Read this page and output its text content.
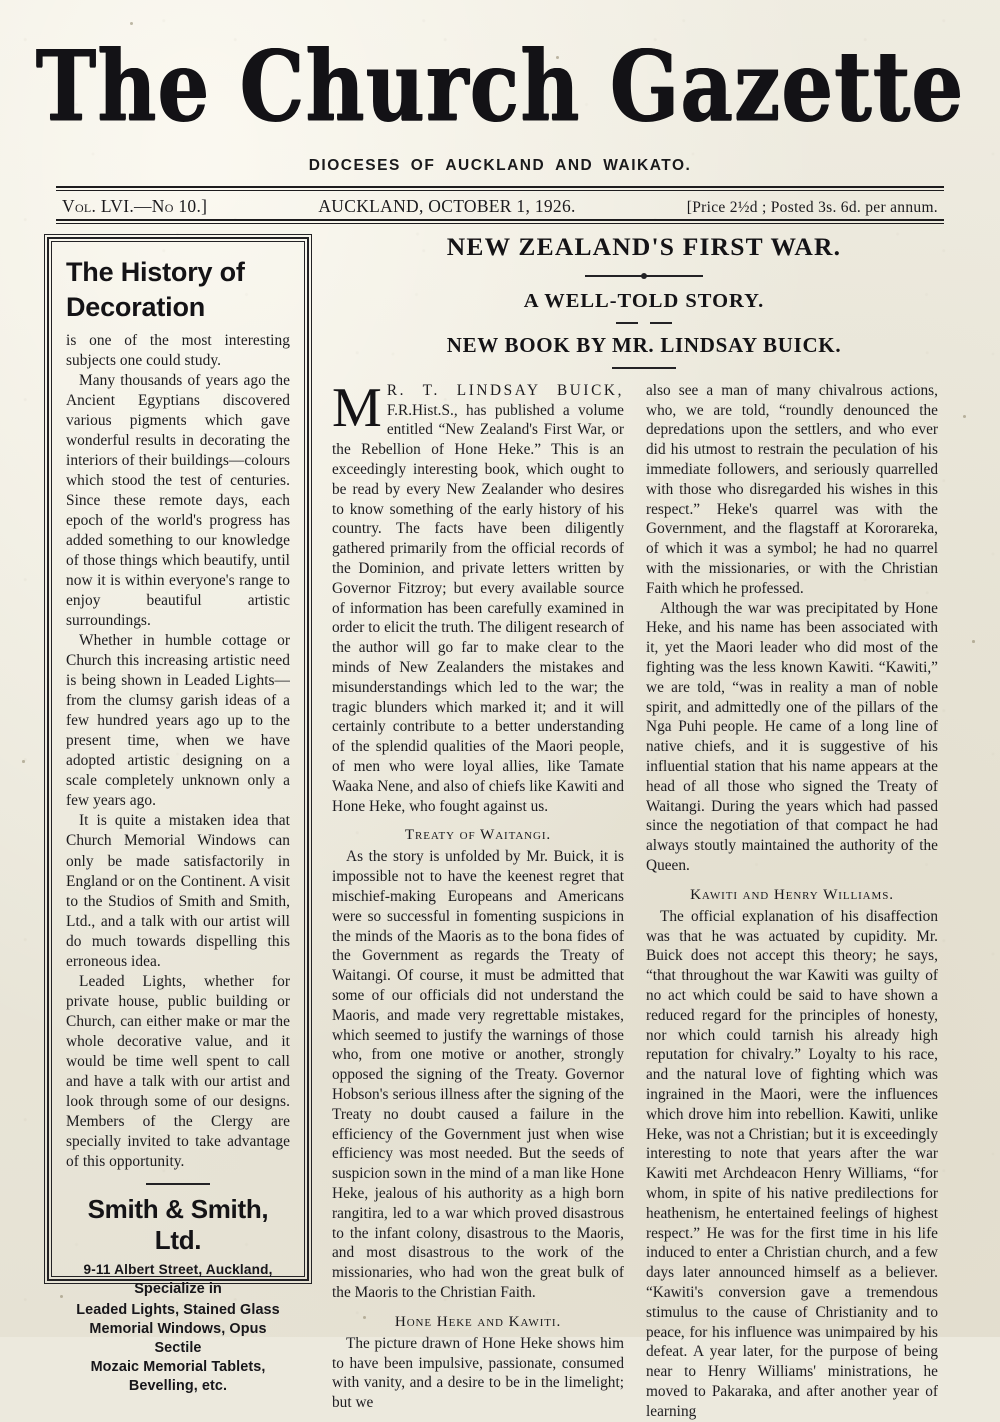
The Church Gazette
DIOCESES OF AUCKLAND AND WAIKATO.
Vol. LVI.—No 10.]	AUCKLAND, OCTOBER 1, 1926.	[Price 2½d ; Posted 3s. 6d. per annum.
The History of Decoration

is one of the most interesting subjects one could study.

Many thousands of years ago the Ancient Egyptians discovered various pigments which gave wonderful results in decorating the interiors of their buildings—colours which stood the test of centuries. Since these remote days, each epoch of the world's progress has added something to our knowledge of those things which beautify, until now it is within everyone's range to enjoy beautiful artistic surroundings.

Whether in humble cottage or Church this increasing artistic need is being shown in Leaded Lights—from the clumsy garish ideas of a few hundred years ago up to the present time, when we have adopted artistic designing on a scale completely unknown only a few years ago.

It is quite a mistaken idea that Church Memorial Windows can only be made satisfactorily in England or on the Continent. A visit to the Studios of Smith and Smith, Ltd., and a talk with our artist will do much towards dispelling this erroneous idea.

Leaded Lights, whether for private house, public building or Church, can either make or mar the whole decorative value, and it would be time well spent to call and have a talk with our artist and look through some of our designs. Members of the Clergy are specially invited to take advantage of this opportunity.

Smith & Smith, Ltd.
9-11 Albert Street, Auckland,
Specialize in
Leaded Lights, Stained Glass
Memorial Windows, Opus Sectile
Mozaic Memorial Tablets,
Bevelling, etc.
NEW ZEALAND'S FIRST WAR.
A WELL-TOLD STORY.
NEW BOOK BY MR. LINDSAY BUICK.

M R. T. LINDSAY BUICK, F.R.Hist.S., has published a volume entitled “New Zealand's First War, or the Rebellion of Hone Heke.” This is an exceedingly interesting book, which ought to be read by every New Zealander who desires to know something of the early history of his country. The facts have been diligently gathered primarily from the official records of the Dominion, and private letters written by Governor Fitzroy; but every available source of information has been carefully examined in order to elicit the truth. The diligent research of the author will go far to make clear to the minds of New Zealanders the mistakes and misunderstandings which led to the war; the tragic blunders which marked it; and it will certainly contribute to a better understanding of the splendid qualities of the Maori people, of men who were loyal allies, like Tamate Waaka Nene, and also of chiefs like Kawiti and Hone Heke, who fought against us.

Treaty of Waitangi.

As the story is unfolded by Mr. Buick, it is impossible not to have the keenest regret that mischief-making Europeans and Americans were so successful in fomenting suspicions in the minds of the Maoris as to the bona fides of the Government as regards the Treaty of Waitangi. Of course, it must be admitted that some of our officials did not understand the Maoris, and made very regrettable mistakes, which seemed to justify the warnings of those who, from one motive or another, strongly opposed the signing of the Treaty. Governor Hobson's serious illness after the signing of the Treaty no doubt caused a failure in the efficiency of the Government just when wise efficiency was most needed. But the seeds of suspicion sown in the mind of a man like Hone Heke, jealous of his authority as a high born rangitira, led to a war which proved disastrous to the infant colony, disastrous to the Maoris, and most disastrous to the work of the missionaries, who had won the great bulk of the Maoris to the Christian Faith.

Hone Heke and Kawiti.

The picture drawn of Hone Heke shows him to have been impulsive, passionate, consumed with vanity, and a desire to be in the limelight; but we

also see a man of many chivalrous actions, who, we are told, “roundly denounced the depredations upon the settlers, and who ever did his utmost to restrain the peculation of his immediate followers, and seriously quarrelled with those who disregarded his wishes in this respect.” Heke's quarrel was with the Government, and the flagstaff at Kororareka, of which it was a symbol; he had no quarrel with the missionaries, or with the Christian Faith which he professed.

Although the war was precipitated by Hone Heke, and his name has been associated with it, yet the Maori leader who did most of the fighting was the less known Kawiti. “Kawiti,” we are told, “was in reality a man of noble spirit, and admittedly one of the pillars of the Nga Puhi people. He came of a long line of native chiefs, and it is suggestive of his influential station that his name appears at the head of all those who signed the Treaty of Waitangi. During the years which had passed since the negotiation of that compact he had always stoutly maintained the authority of the Queen.

Kawiti and Henry Williams.

The official explanation of his disaffection was that he was actuated by cupidity. Mr. Buick does not accept this theory; he says, “that throughout the war Kawiti was guilty of no act which could be said to have shown a reduced regard for the principles of honesty, nor which could tarnish his already high reputation for chivalry.” Loyalty to his race, and the natural love of fighting which was ingrained in the Maori, were the influences which drove him into rebellion. Kawiti, unlike Heke, was not a Christian; but it is exceedingly interesting to note that years after the war Kawiti met Archdeacon Henry Williams, “for whom, in spite of his native predilections for heathenism, he entertained feelings of highest respect.” He was for the first time in his life induced to enter a Christian church, and a few days later announced himself as a believer. “Kawiti's conversion gave a tremendous stimulus to the cause of Christianity and to peace, for his influence was unimpaired by his defeat. A year later, for the purpose of being near to Henry Williams' ministrations, he moved to Pakaraka, and after another year of learning
